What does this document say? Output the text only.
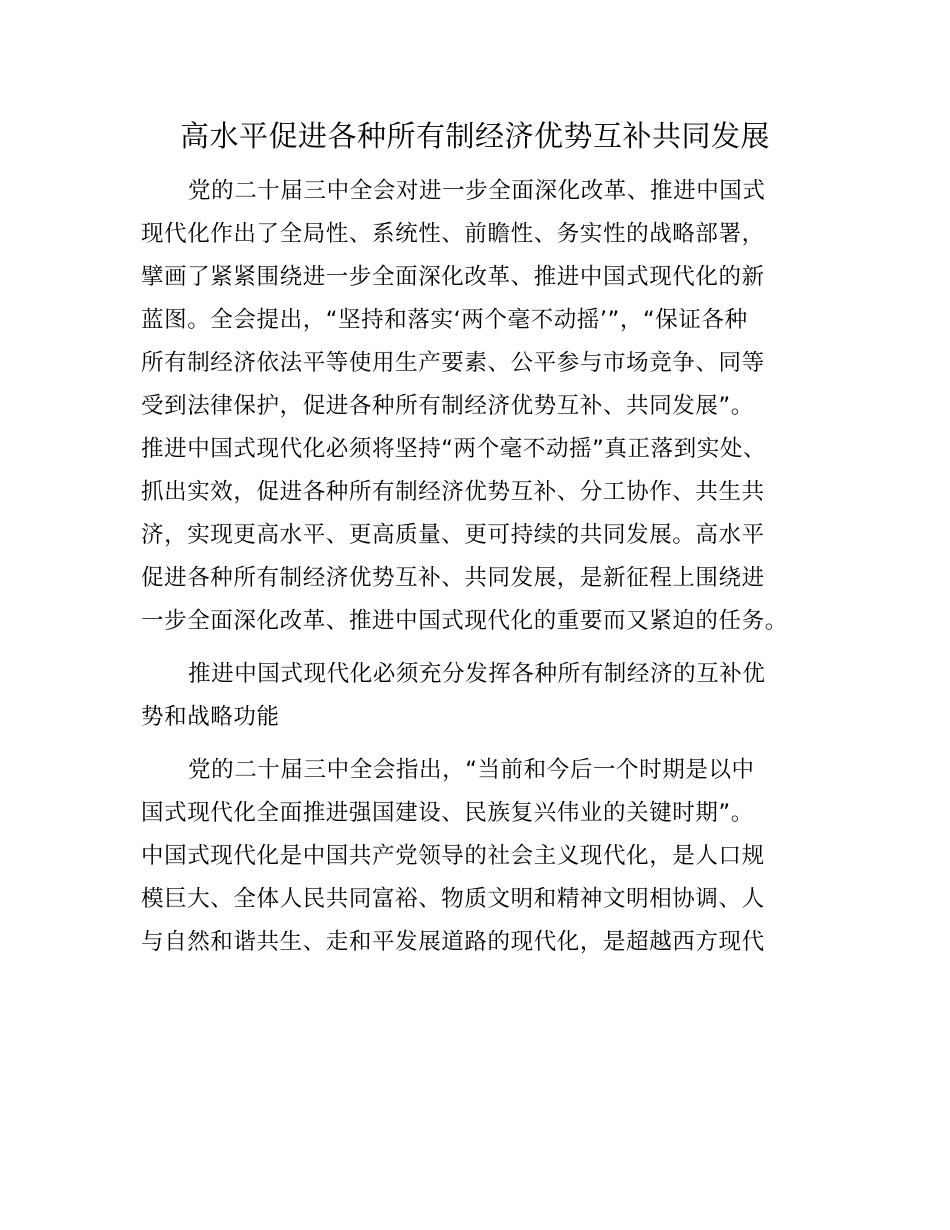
高水平促进各种所有制经济优势互补共同发展
党的二十届三中全会对进一步全面深化改革、推进中国式
现代化作出了全局性、系统性、前瞻性、务实性的战略部署，
擘画了紧紧围绕进一步全面深化改革、推进中国式现代化的新
蓝图。全会提出，“坚持和落实‘两个毫不动摇’”，“保证各种
所有制经济依法平等使用生产要素、公平参与市场竞争、同等
受到法律保护，促进各种所有制经济优势互补、共同发展”。
推进中国式现代化必须将坚持“两个毫不动摇”真正落到实处、
抓出实效，促进各种所有制经济优势互补、分工协作、共生共
济，实现更高水平、更高质量、更可持续的共同发展。高水平
促进各种所有制经济优势互补、共同发展，是新征程上围绕进
一步全面深化改革、推进中国式现代化的重要而又紧迫的任务。
推进中国式现代化必须充分发挥各种所有制经济的互补优
势和战略功能
党的二十届三中全会指出，“当前和今后一个时期是以中
国式现代化全面推进强国建设、民族复兴伟业的关键时期”。
中国式现代化是中国共产党领导的社会主义现代化，是人口规
模巨大、全体人民共同富裕、物质文明和精神文明相协调、人
与自然和谐共生、走和平发展道路的现代化，是超越西方现代
